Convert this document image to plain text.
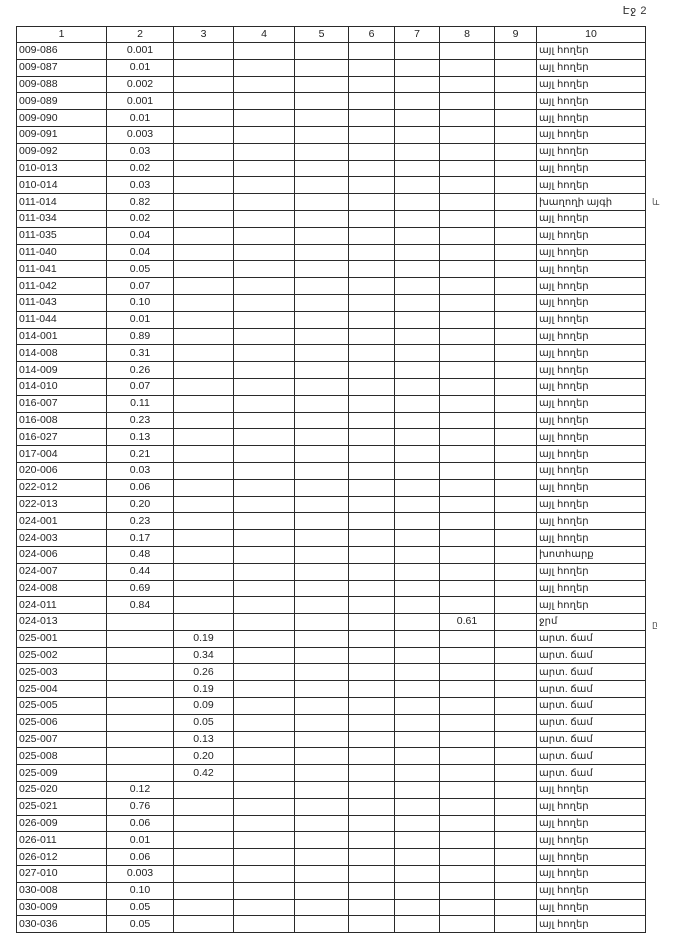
Էջ 2
և
ը
1	2	3	4	5	6	7	8	9	10
009-086	0.001								այլ հողեր
009-087	0.01								այլ հողեր
009-088	0.002								այլ հողեր
009-089	0.001								այլ հողեր
009-090	0.01								այլ հողեր
009-091	0.003								այլ հողեր
009-092	0.03								այլ հողեր
010-013	0.02								այլ հողեր
010-014	0.03								այլ հողեր
011-014	0.82								խաղողի այգի
011-034	0.02								այլ հողեր
011-035	0.04								այլ հողեր
011-040	0.04								այլ հողեր
011-041	0.05								այլ հողեր
011-042	0.07								այլ հողեր
011-043	0.10								այլ հողեր
011-044	0.01								այլ հողեր
014-001	0.89								այլ հողեր
014-008	0.31								այլ հողեր
014-009	0.26								այլ հողեր
014-010	0.07								այլ հողեր
016-007	0.11								այլ հողեր
016-008	0.23								այլ հողեր
016-027	0.13								այլ հողեր
017-004	0.21								այլ հողեր
020-006	0.03								այլ հողեր
022-012	0.06								այլ հողեր
022-013	0.20								այլ հողեր
024-001	0.23								այլ հողեր
024-003	0.17								այլ հողեր
024-006	0.48								խոտհարք
024-007	0.44								այլ հողեր
024-008	0.69								այլ հողեր
024-011	0.84								այլ հողեր
024-013							0.61		ջրմ
025-001		0.19							արտ. ճամ
025-002		0.34							արտ. ճամ
025-003		0.26							արտ. ճամ
025-004		0.19							արտ. ճամ
025-005		0.09							արտ. ճամ
025-006		0.05							արտ. ճամ
025-007		0.13							արտ. ճամ
025-008		0.20							արտ. ճամ
025-009		0.42							արտ. ճամ
025-020	0.12								այլ հողեր
025-021	0.76								այլ հողեր
026-009	0.06								այլ հողեր
026-011	0.01								այլ հողեր
026-012	0.06								այլ հողեր
027-010	0.003								այլ հողեր
030-008	0.10								այլ հողեր
030-009	0.05								այլ հողեր
030-036	0.05								այլ հողեր
